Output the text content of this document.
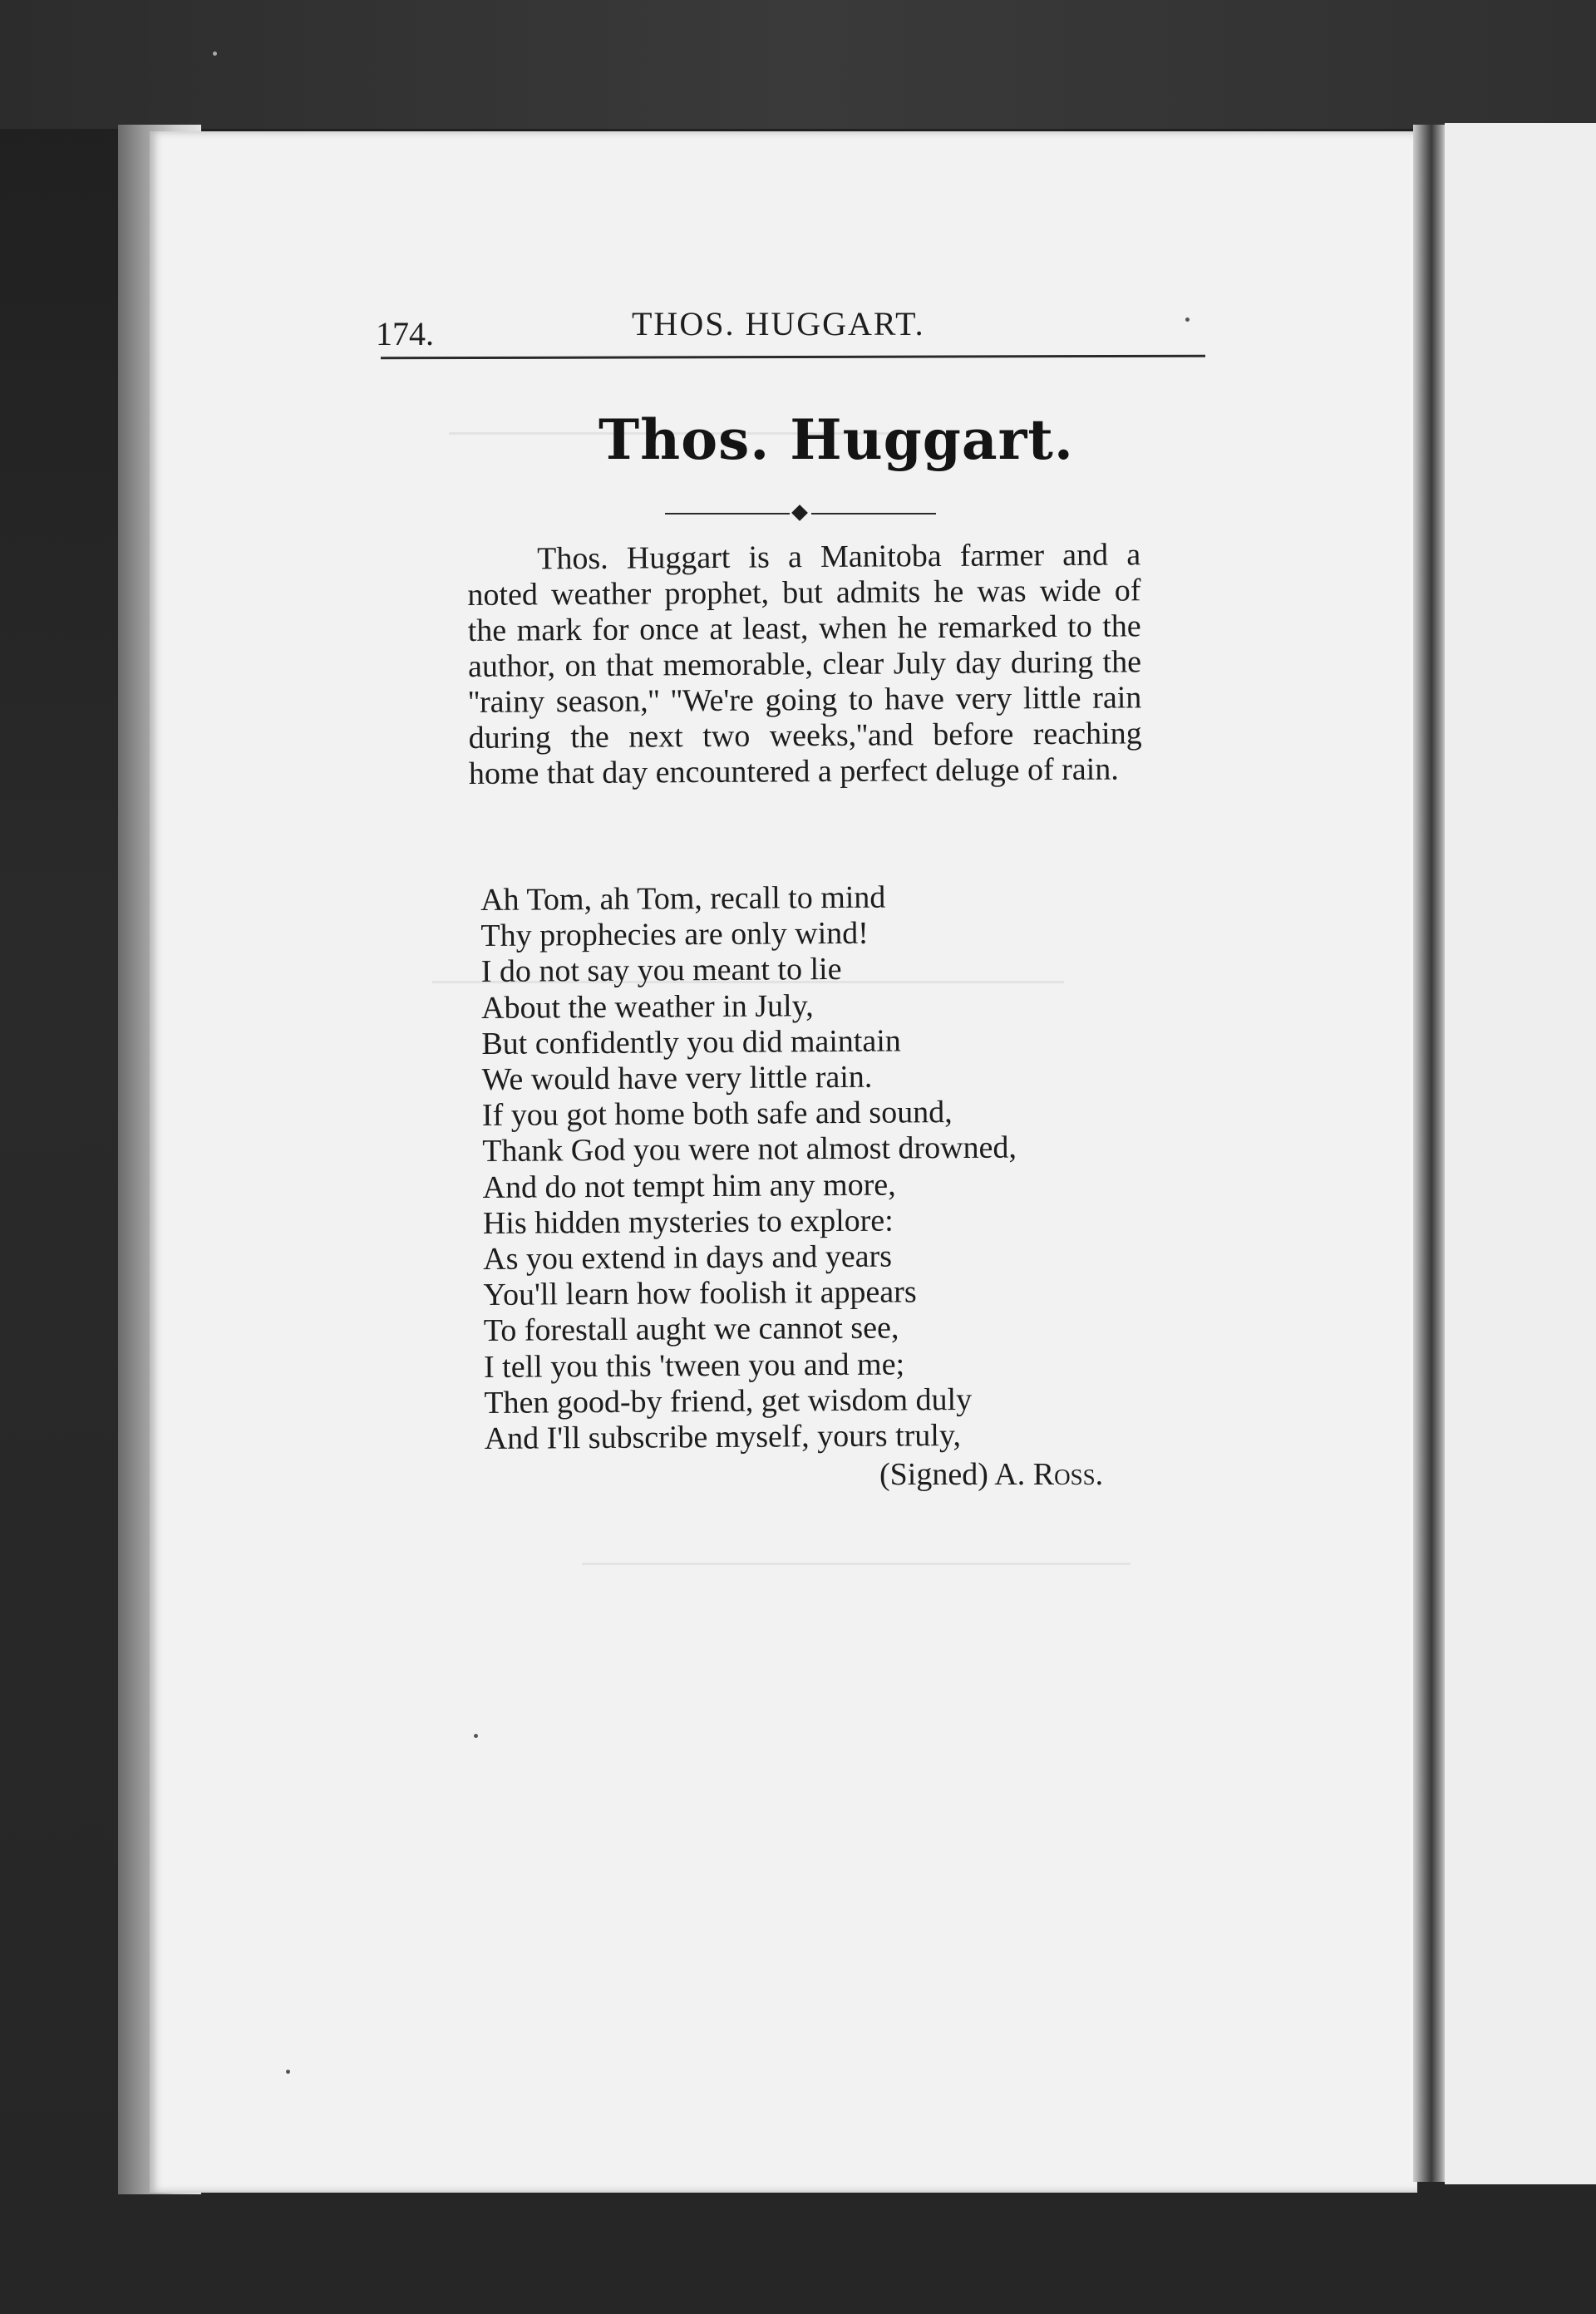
174.	THOS. HUGGART.
Thos. Huggart.

Thos. Huggart is a Manitoba farmer and a noted weather prophet, but admits he was wide of the mark for once at least, when he remarked to the author, on that memorable, clear July day during the ''rainy season,'' ''We're going to have very little rain during the next two weeks,''and before reaching home that day encountered a perfect deluge of rain.

Ah Tom, ah Tom, recall to mind
Thy prophecies are only wind!
I do not say you meant to lie
About the weather in July,
But confidently you did maintain
We would have very little rain.
If you got home both safe and sound,
Thank God you were not almost drowned,
And do not tempt him any more,
His hidden mysteries to explore:
As you extend in days and years
You'll learn how foolish it appears
To forestall aught we cannot see,
I tell you this 'tween you and me;
Then good-by friend, get wisdom duly
And I'll subscribe myself, yours truly,
(Signed) A. Ross.
